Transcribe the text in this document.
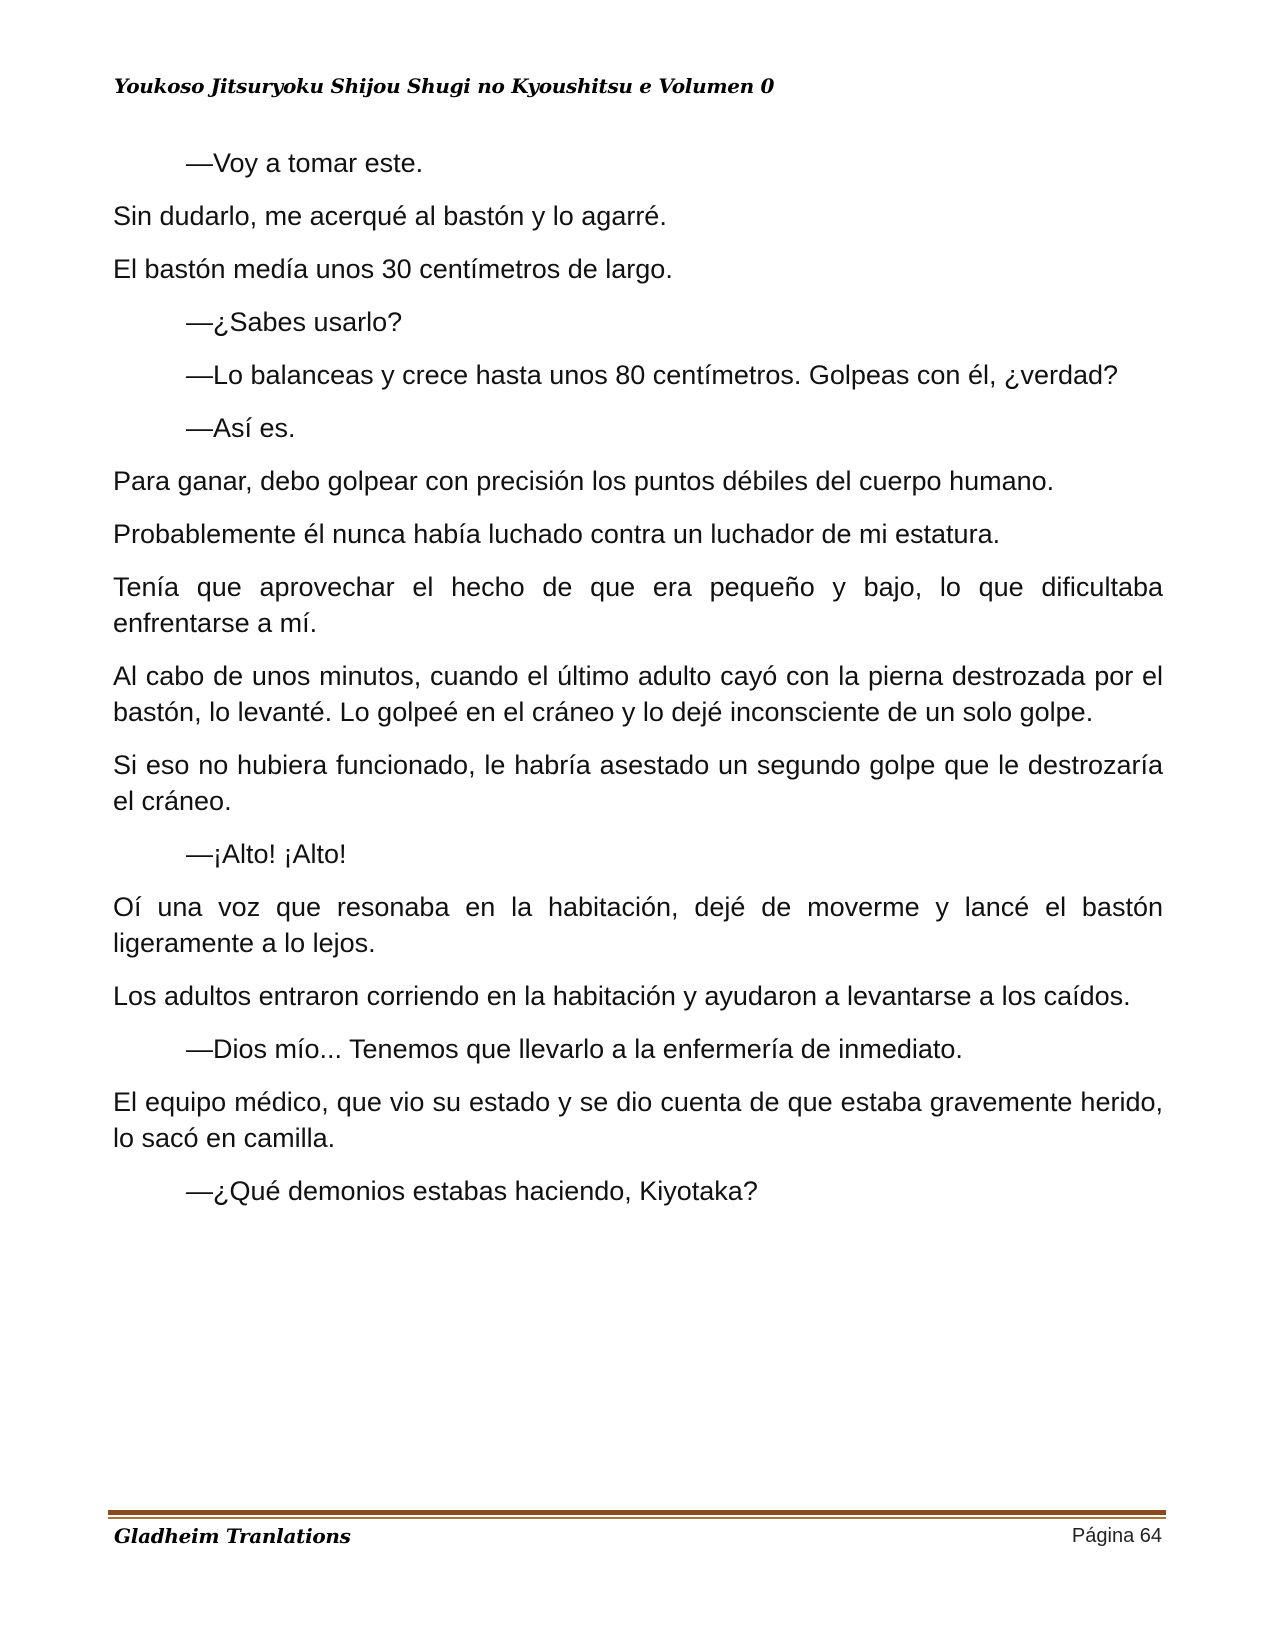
Youkoso Jitsuryoku Shijou Shugi no Kyoushitsu e Volumen 0

—Voy a tomar este.

Sin dudarlo, me acerqué al bastón y lo agarré.

El bastón medía unos 30 centímetros de largo.

—¿Sabes usarlo?

—Lo balanceas y crece hasta unos 80 centímetros. Golpeas con él, ¿verdad?

—Así es.

Para ganar, debo golpear con precisión los puntos débiles del cuerpo humano.

Probablemente él nunca había luchado contra un luchador de mi estatura.

Tenía que aprovechar el hecho de que era pequeño y bajo, lo que dificultaba enfrentarse a mí.

Al cabo de unos minutos, cuando el último adulto cayó con la pierna destrozada por el bastón, lo levanté. Lo golpeé en el cráneo y lo dejé inconsciente de un solo golpe.

Si eso no hubiera funcionado, le habría asestado un segundo golpe que le destrozaría el cráneo.

—¡Alto! ¡Alto!

Oí una voz que resonaba en la habitación, dejé de moverme y lancé el bastón ligeramente a lo lejos.

Los adultos entraron corriendo en la habitación y ayudaron a levantarse a los caídos.

—Dios mío... Tenemos que llevarlo a la enfermería de inmediato.

El equipo médico, que vio su estado y se dio cuenta de que estaba gravemente herido, lo sacó en camilla.

—¿Qué demonios estabas haciendo, Kiyotaka?

Gladheim Tranlations	Página 64
